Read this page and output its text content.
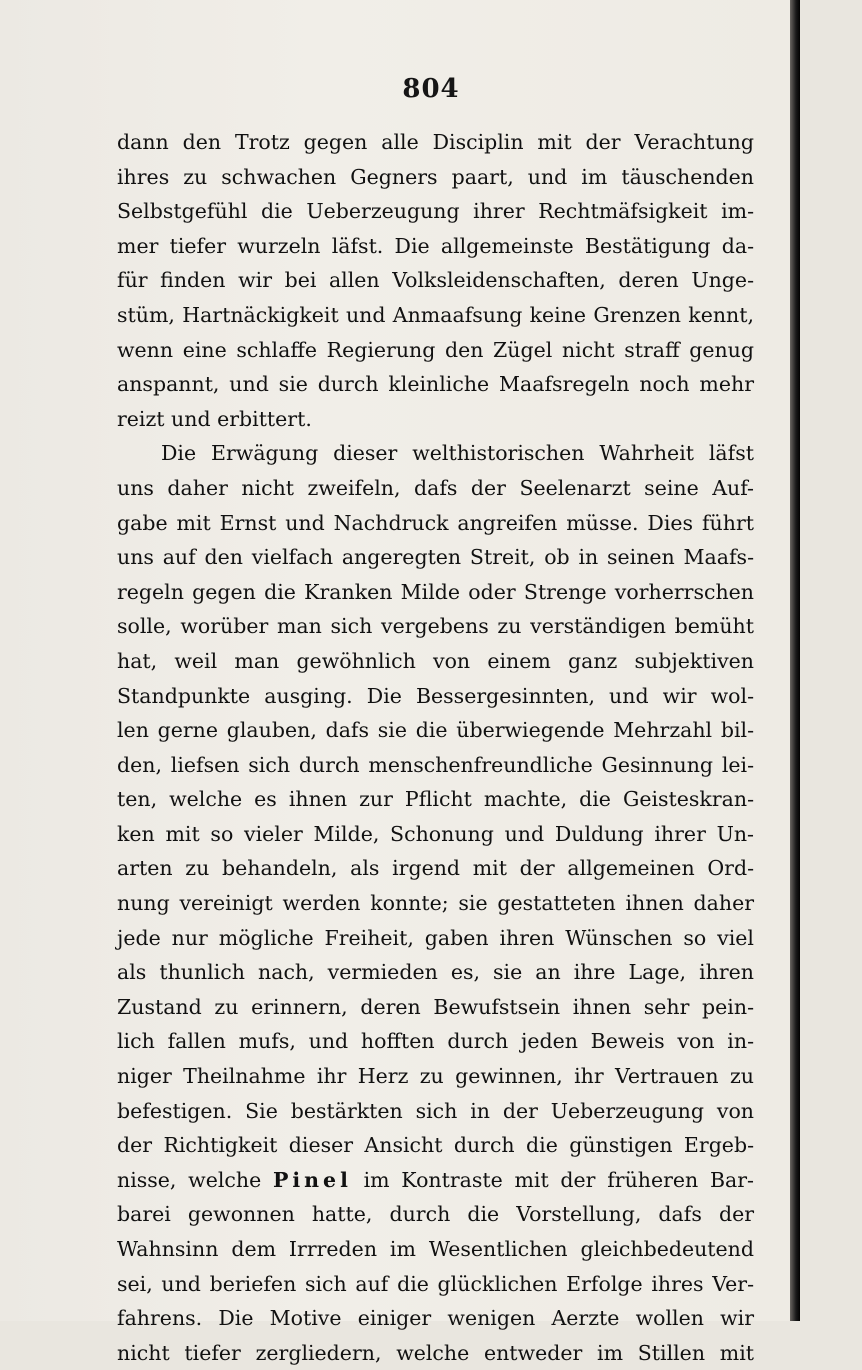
804
dann den Trotz gegen alle Disciplin mit der Verachtung
ihres zu schwachen Gegners paart, und im täuschenden
Selbstgefühl die Ueberzeugung ihrer Rechtmäfsigkeit im-
mer tiefer wurzeln läfst. Die allgemeinste Bestätigung da-
für finden wir bei allen Volksleidenschaften, deren Unge-
stüm, Hartnäckigkeit und Anmaafsung keine Grenzen kennt,
wenn eine schlaffe Regierung den Zügel nicht straff genug
anspannt, und sie durch kleinliche Maafsregeln noch mehr
reizt und erbittert.
Die Erwägung dieser welthistorischen Wahrheit läfst
uns daher nicht zweifeln, dafs der Seelenarzt seine Auf-
gabe mit Ernst und Nachdruck angreifen müsse. Dies führt
uns auf den vielfach angeregten Streit, ob in seinen Maafs-
regeln gegen die Kranken Milde oder Strenge vorherrschen
solle, worüber man sich vergebens zu verständigen bemüht
hat, weil man gewöhnlich von einem ganz subjektiven
Standpunkte ausging. Die Bessergesinnten, und wir wol-
len gerne glauben, dafs sie die überwiegende Mehrzahl bil-
den, liefsen sich durch menschenfreundliche Gesinnung lei-
ten, welche es ihnen zur Pflicht machte, die Geisteskran-
ken mit so vieler Milde, Schonung und Duldung ihrer Un-
arten zu behandeln, als irgend mit der allgemeinen Ord-
nung vereinigt werden konnte; sie gestatteten ihnen daher
jede nur mögliche Freiheit, gaben ihren Wünschen so viel
als thunlich nach, vermieden es, sie an ihre Lage, ihren
Zustand zu erinnern, deren Bewufstsein ihnen sehr pein-
lich fallen mufs, und hofften durch jeden Beweis von in-
niger Theilnahme ihr Herz zu gewinnen, ihr Vertrauen zu
befestigen. Sie bestärkten sich in der Ueberzeugung von
der Richtigkeit dieser Ansicht durch die günstigen Ergeb-
nisse, welche Pinel im Kontraste mit der früheren Bar-
barei gewonnen hatte, durch die Vorstellung, dafs der
Wahnsinn dem Irrreden im Wesentlichen gleichbedeutend
sei, und beriefen sich auf die glücklichen Erfolge ihres Ver-
fahrens. Die Motive einiger wenigen Aerzte wollen wir
nicht tiefer zergliedern, welche entweder im Stillen mit
